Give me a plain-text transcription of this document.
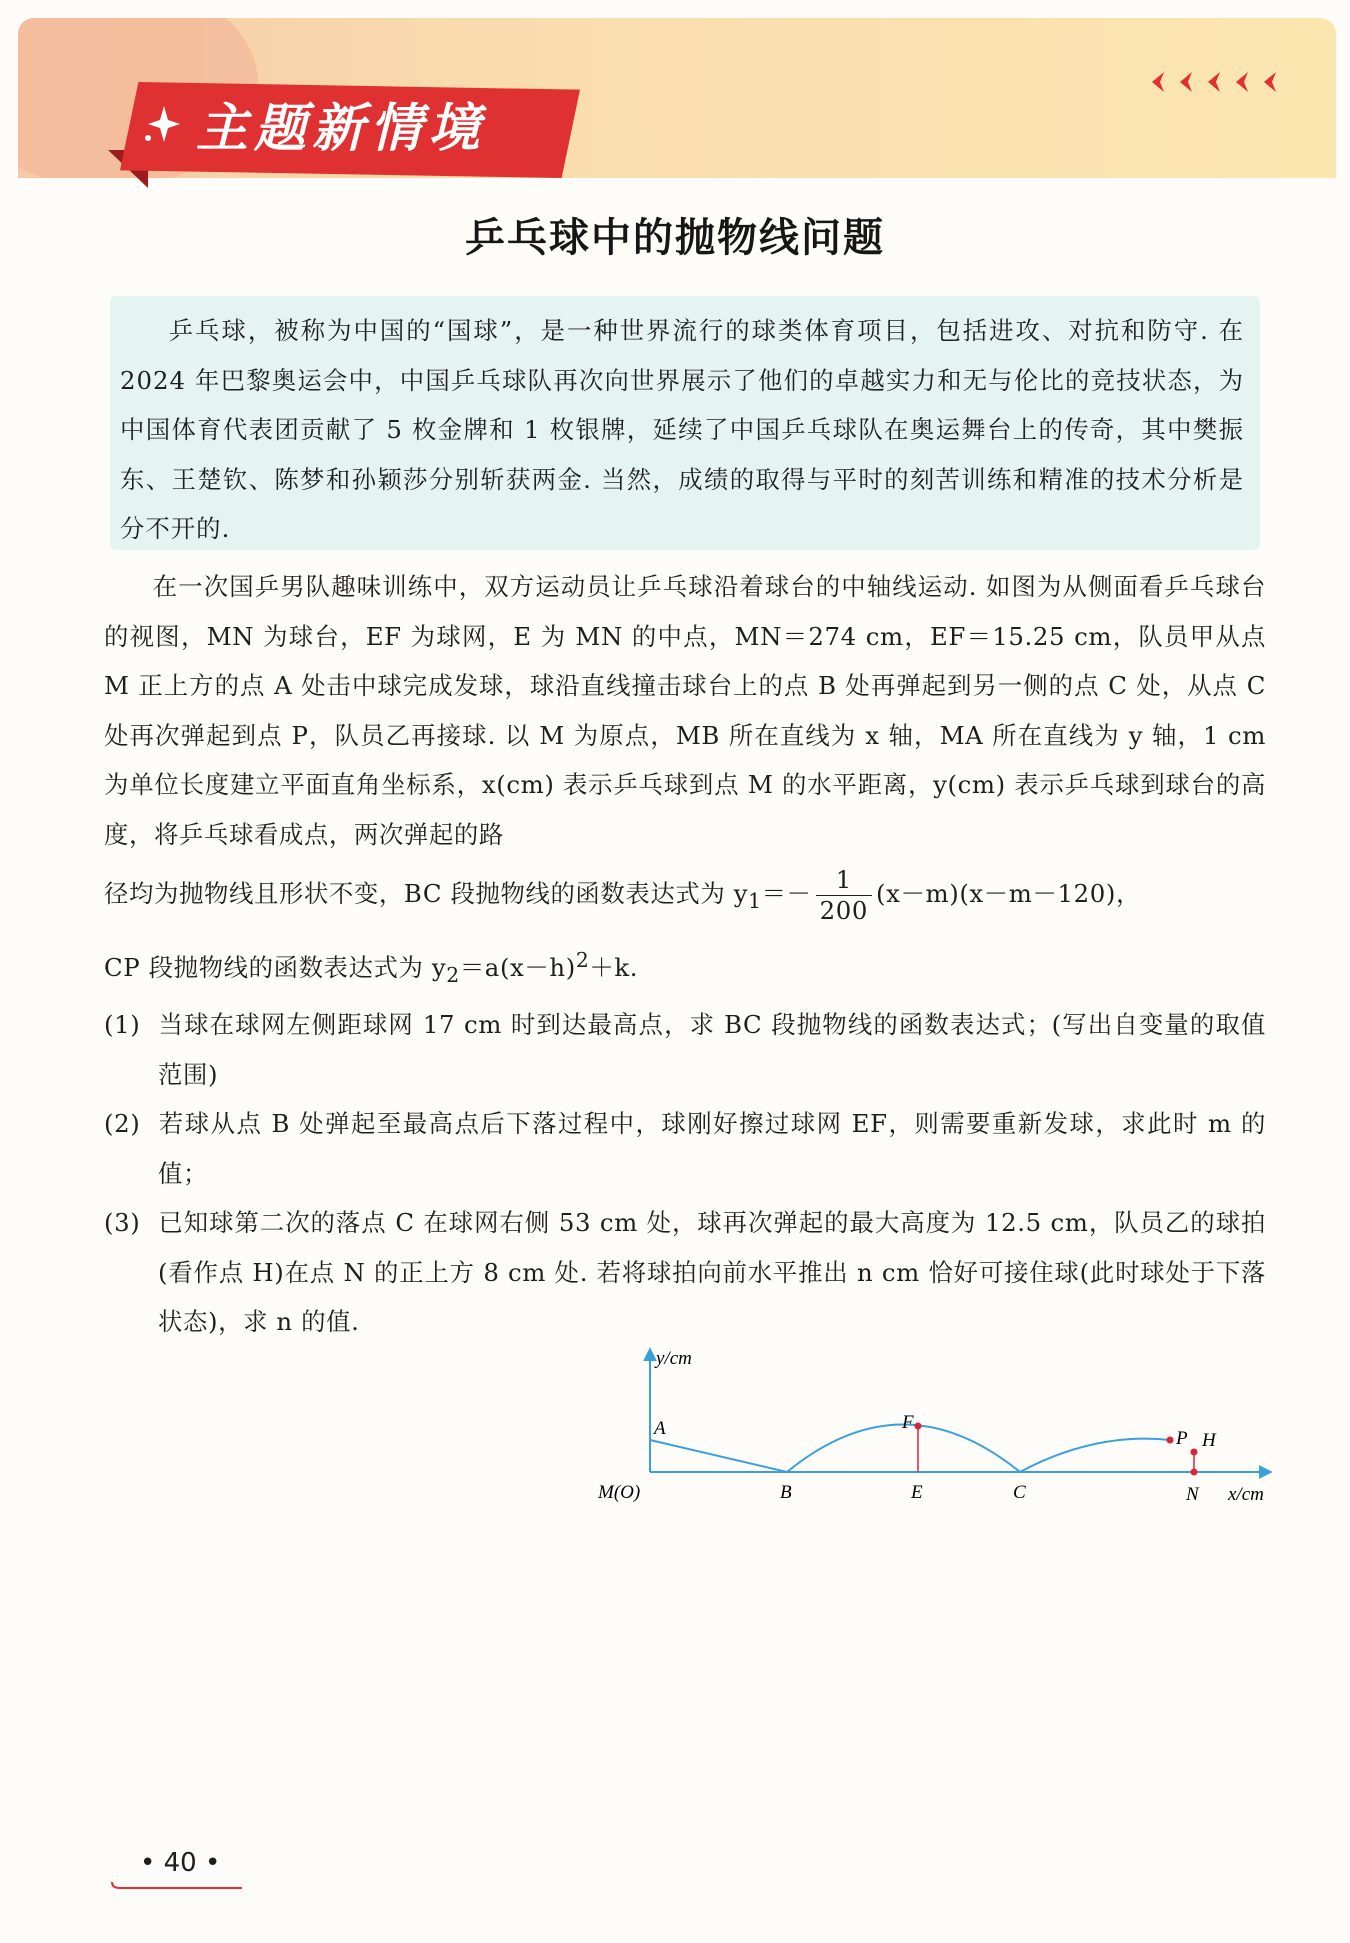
主题新情境
乒乓球中的抛物线问题

乒乓球，被称为中国的“国球”，是一种世界流行的球类体育项目，包括进攻、对抗和防守. 在 2024 年巴黎奥运会中，中国乒乓球队再次向世界展示了他们的卓越实力和无与伦比的竞技状态，为中国体育代表团贡献了 5 枚金牌和 1 枚银牌，延续了中国乒乓球队在奥运舞台上的传奇，其中樊振东、王楚钦、陈梦和孙颖莎分别斩获两金. 当然，成绩的取得与平时的刻苦训练和精准的技术分析是分不开的.

在一次国乒男队趣味训练中，双方运动员让乒乓球沿着球台的中轴线运动. 如图为从侧面看乒乓球台的视图，MN 为球台，EF 为球网，E 为 MN 的中点，MN＝274 cm，EF＝15.25 cm，队员甲从点 M 正上方的点 A 处击中球完成发球，球沿直线撞击球台上的点 B 处再弹起到另一侧的点 C 处，从点 C 处再次弹起到点 P，队员乙再接球. 以 M 为原点，MB 所在直线为 x 轴，MA 所在直线为 y 轴，1 cm 为单位长度建立平面直角坐标系，x(cm) 表示乒乓球到点 M 的水平距离，y(cm) 表示乒乓球到球台的高度，将乒乓球看成点，两次弹起的路

径均为抛物线且形状不变，BC 段抛物线的函数表达式为 $y_1=- \frac{1}{200} (x-m)(x-m-120)$，
CP 段抛物线的函数表达式为 $y_2=a(x-h)^2+k$.

(1) 当球在球网左侧距球网 17 cm 时到达最高点，求 BC 段抛物线的函数表达式；(写出自变量的取值范围)

(2) 若球从点 B 处弹起至最高点后下落过程中，球刚好擦过球网 EF，则需要重新发球，求此时 m 的值；

(3) 已知球第二次的落点 C 在球网右侧 53 cm 处，球再次弹起的最大高度为 12.5 cm，队员乙的球拍(看作点 H)在点 N 的正上方 8 cm 处. 若将球拍向前水平推出 n cm 恰好可接住球(此时球处于下落状态)，求 n 的值.

y/cm
x/cm
M(O)
A
B	E
F
C
P H
N
• 40 •
